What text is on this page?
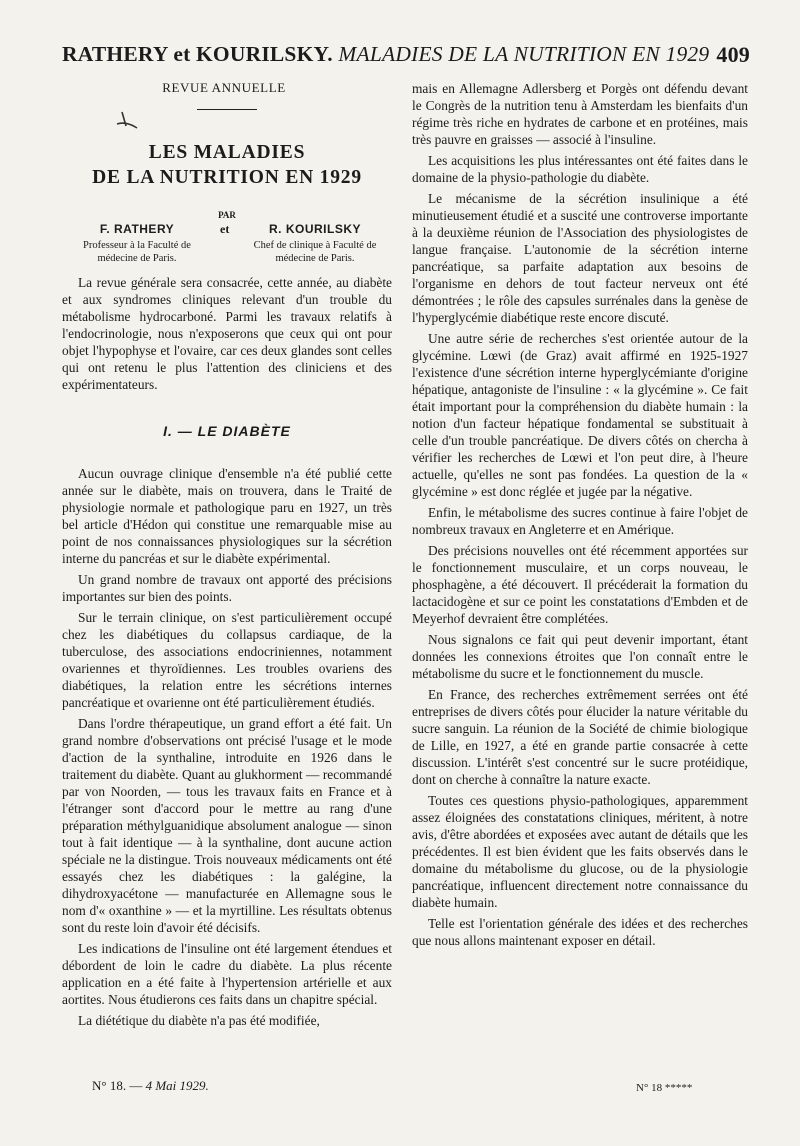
RATHERY et KOURILSKY. MALADIES DE LA NUTRITION EN 1929 409
REVUE ANNUELLE
LES MALADIES
DE LA NUTRITION EN 1929
PAR
F. RATHERY
Professeur à la Faculté de
médecine de Paris.
et	R. KOURILSKY
Chef de clinique à Faculté de
médecine de Paris.

La revue générale sera consacrée, cette année, au diabète et aux syndromes cliniques relevant d'un trouble du métabolisme hydrocarboné. Parmi les travaux relatifs à l'endocrinologie, nous n'exposerons que ceux qui ont pour objet l'hypophyse et l'ovaire, car ces deux glandes sont celles qui ont retenu le plus l'attention des cliniciens et des expérimentateurs.

I. — LE DIABÈTE

Aucun ouvrage clinique d'ensemble n'a été publié cette année sur le diabète, mais on trouvera, dans le Traité de physiologie normale et pathologique paru en 1927, un très bel article d'Hédon qui constitue une remarquable mise au point de nos connaissances physiologiques sur la sécrétion interne du pancréas et sur le diabète expérimental.

Un grand nombre de travaux ont apporté des précisions importantes sur bien des points.

Sur le terrain clinique, on s'est particulièrement occupé chez les diabétiques du collapsus cardiaque, de la tuberculose, des associations endocriniennes, notamment ovariennes et thyroïdiennes. Les troubles ovariens des diabétiques, la relation entre les sécrétions internes pancréatique et ovarienne ont été particulièrement étudiés.

Dans l'ordre thérapeutique, un grand effort a été fait. Un grand nombre d'observations ont précisé l'usage et le mode d'action de la synthaline, introduite en 1926 dans le traitement du diabète. Quant au glukhorment — recommandé par von Noorden, — tous les travaux faits en France et à l'étranger sont d'accord pour le mettre au rang d'une préparation méthylguanidique absolument analogue — sinon tout à fait identique — à la synthaline, dont aucune action spéciale ne la distingue. Trois nouveaux médicaments ont été essayés chez les diabétiques : la galégine, la dihydroxyacétone — manufacturée en Allemagne sous le nom d'« oxanthine » — et la myrtilline. Les résultats obtenus sont du reste loin d'avoir été décisifs.

Les indications de l'insuline ont été largement étendues et débordent de loin le cadre du diabète. La plus récente application en a été faite à l'hypertension artérielle et aux aortites. Nous étudierons ces faits dans un chapitre spécial.

La diététique du diabète n'a pas été modifiée,

mais en Allemagne Adlersberg et Porgès ont défendu devant le Congrès de la nutrition tenu à Amsterdam les bienfaits d'un régime très riche en hydrates de carbone et en protéines, mais très pauvre en graisses — associé à l'insuline.

Les acquisitions les plus intéressantes ont été faites dans le domaine de la physio-pathologie du diabète.

Le mécanisme de la sécrétion insulinique a été minutieusement étudié et a suscité une controverse importante à la deuxième réunion de l'Association des physiologistes de langue française. L'autonomie de la sécrétion interne pancréatique, sa parfaite adaptation aux besoins de l'organisme en dehors de tout facteur nerveux ont été démontrées ; le rôle des capsules surrénales dans la genèse de l'hyperglycémie diabétique reste encore discuté.

Une autre série de recherches s'est orientée autour de la glycémine. Lœwi (de Graz) avait affirmé en 1925-1927 l'existence d'une sécrétion interne hyperglycémiante d'origine hépatique, antagoniste de l'insuline : « la glycémine ». Ce fait était important pour la compréhension du diabète humain : la notion d'un facteur hépatique fondamental se substituait à celle d'un trouble pancréatique. De divers côtés on chercha à vérifier les recherches de Lœwi et l'on peut dire, à l'heure actuelle, qu'elles ne sont pas fondées. La question de la « glycémine » est donc réglée et jugée par la négative.

Enfin, le métabolisme des sucres continue à faire l'objet de nombreux travaux en Angleterre et en Amérique.

Des précisions nouvelles ont été récemment apportées sur le fonctionnement musculaire, et un corps nouveau, le phosphagène, a été découvert. Il précéderait la formation du lactacidogène et sur ce point les constatations d'Embden et de Meyerhof devraient être complétées.

Nous signalons ce fait qui peut devenir important, étant données les connexions étroites que l'on connaît entre le métabolisme du sucre et le fonctionnement du muscle.

En France, des recherches extrêmement serrées ont été entreprises de divers côtés pour élucider la nature véritable du sucre sanguin. La réunion de la Société de chimie biologique de Lille, en 1927, a été en grande partie consacrée à cette discussion. L'intérêt s'est concentré sur le sucre protéidique, dont on cherche à connaître la nature exacte.

Toutes ces questions physio-pathologiques, apparemment assez éloignées des constatations cliniques, méritent, à notre avis, d'être abordées et exposées avec autant de détails que les précédentes. Il est bien évident que les faits observés dans le domaine du métabolisme du glucose, ou de la physiologie pancréatique, influencent directement notre connaissance du diabète humain.

Telle est l'orientation générale des idées et des recherches que nous allons maintenant exposer en détail.

N° 18. — 4 Mai 1929.	N° 18 *****
